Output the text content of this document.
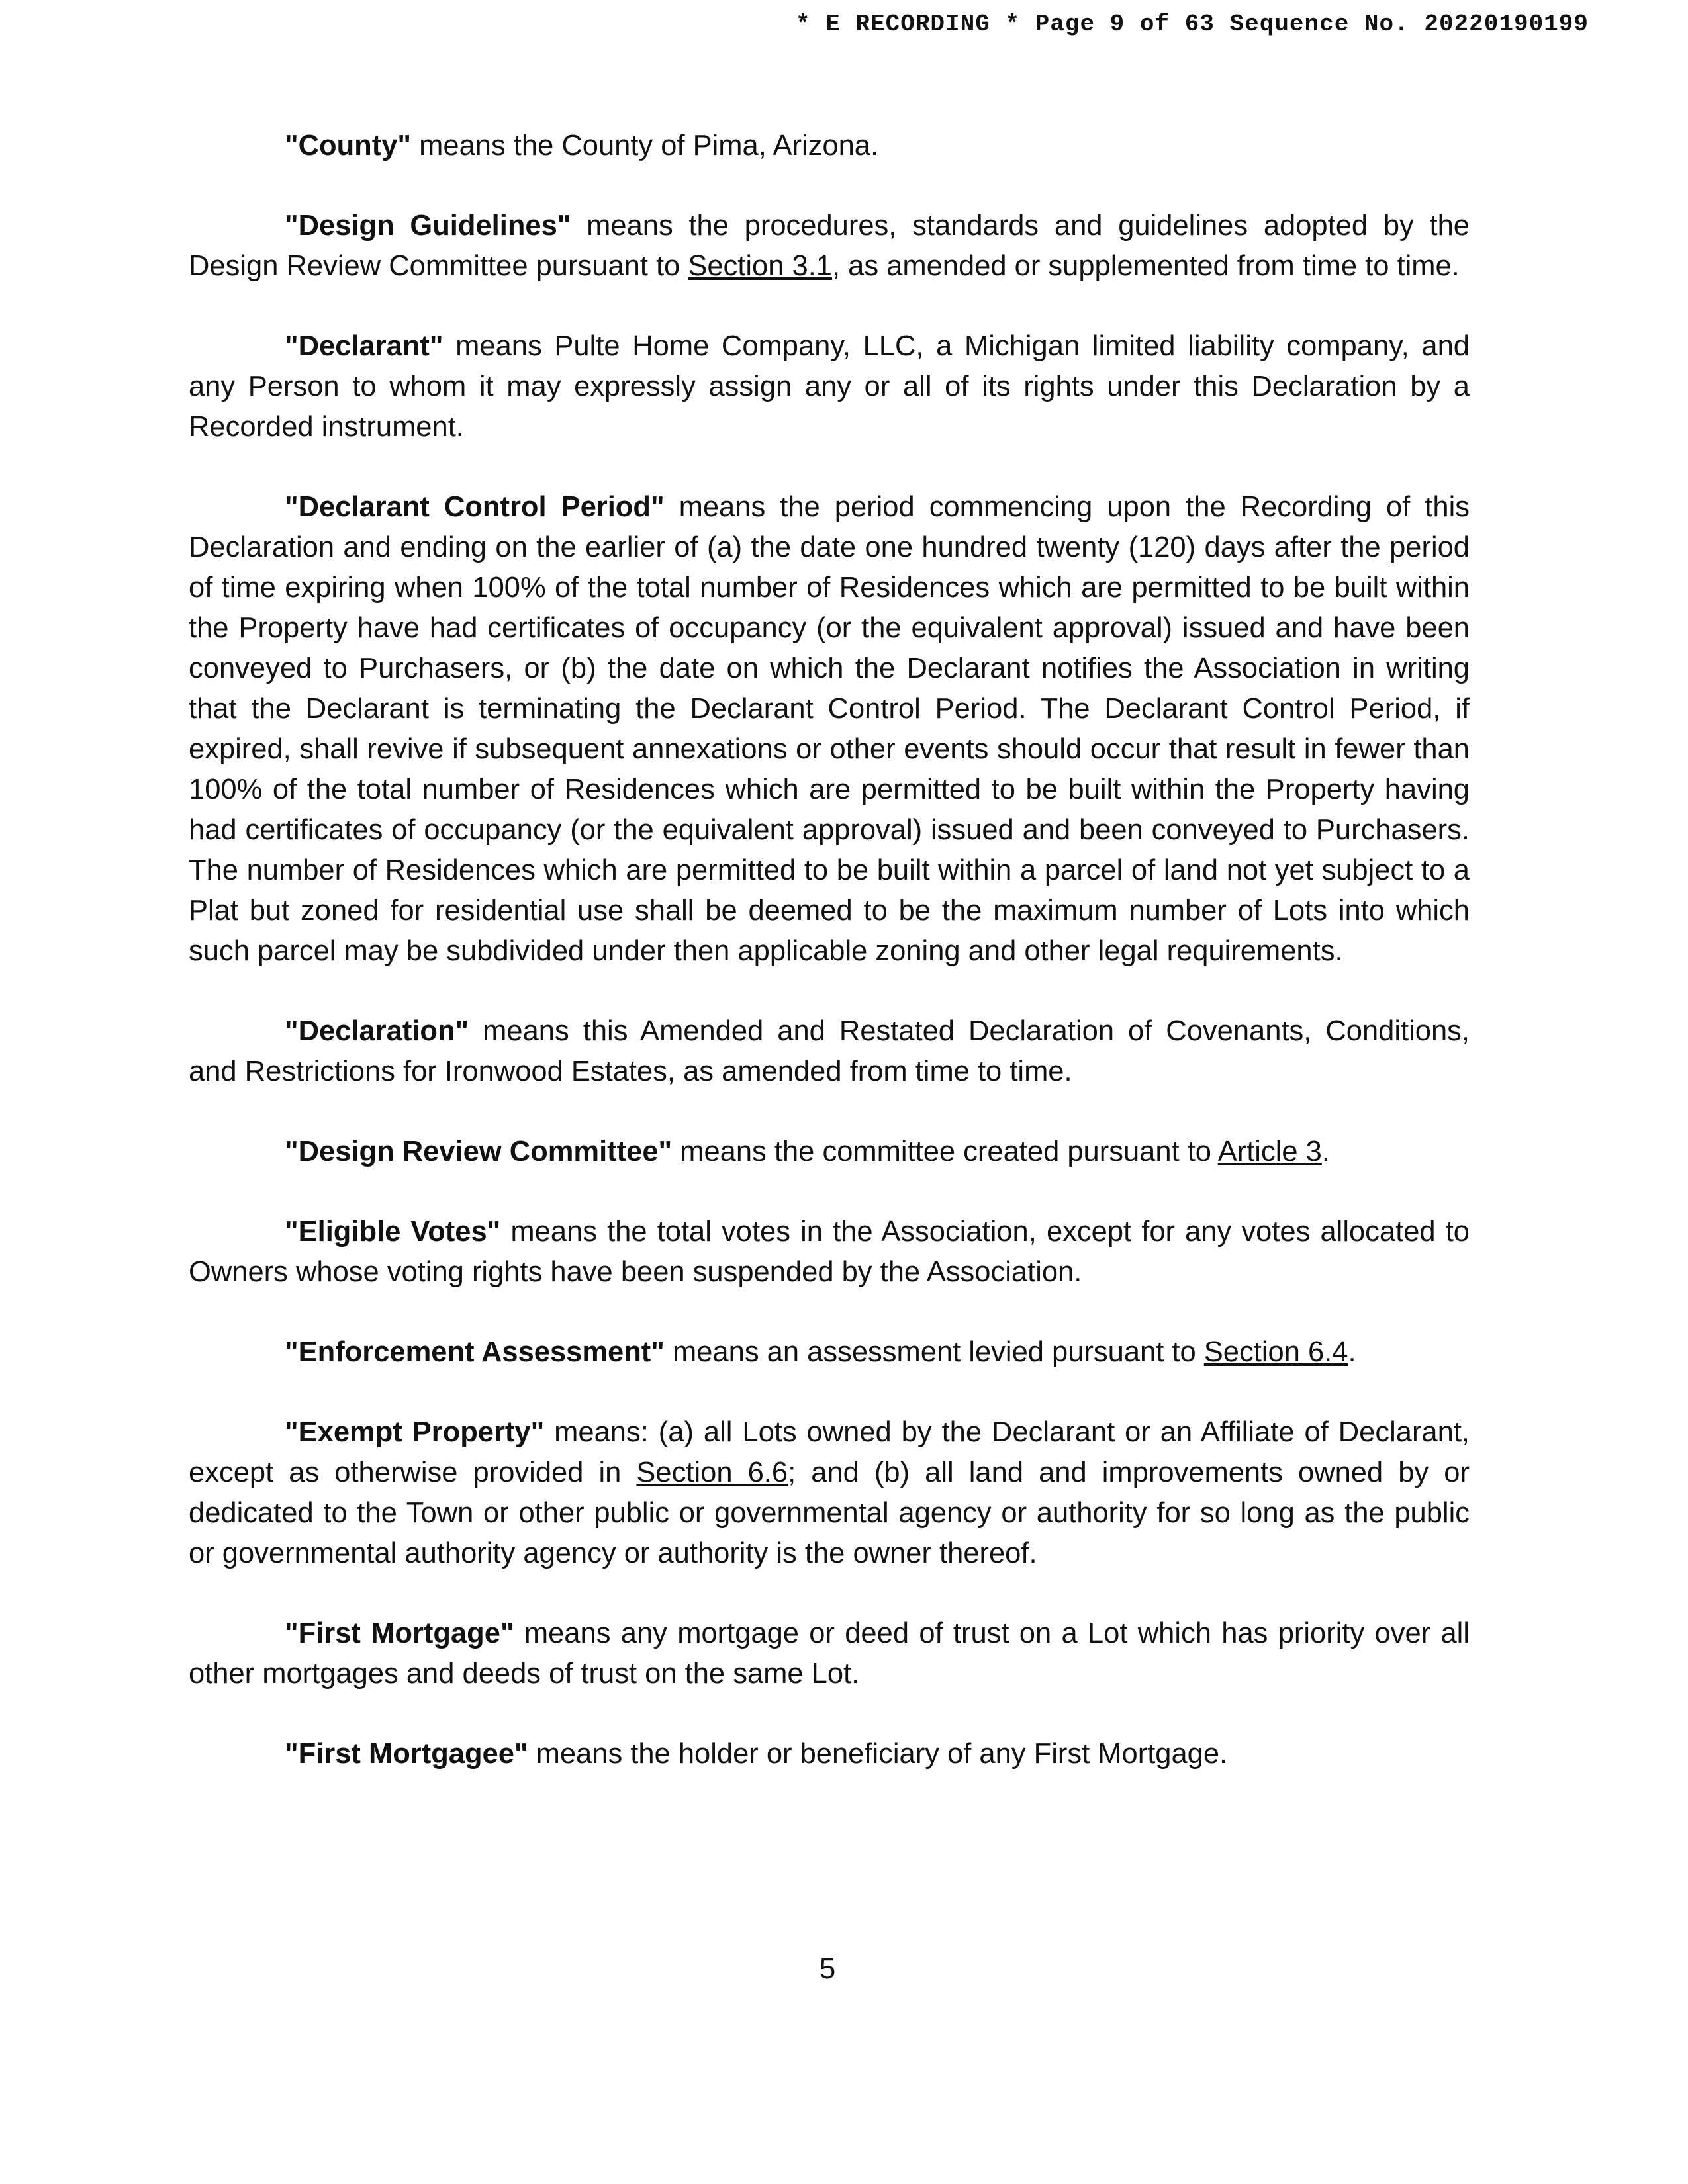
* E RECORDING * Page 9 of 63 Sequence No. 20220190199

"County" means the County of Pima, Arizona.

"Design Guidelines" means the procedures, standards and guidelines adopted by the Design Review Committee pursuant to Section 3.1, as amended or supplemented from time to time.

"Declarant" means Pulte Home Company, LLC, a Michigan limited liability company, and any Person to whom it may expressly assign any or all of its rights under this Declaration by a Recorded instrument.

"Declarant Control Period" means the period commencing upon the Recording of this Declaration and ending on the earlier of (a) the date one hundred twenty (120) days after the period of time expiring when 100% of the total number of Residences which are permitted to be built within the Property have had certificates of occupancy (or the equivalent approval) issued and have been conveyed to Purchasers, or (b) the date on which the Declarant notifies the Association in writing that the Declarant is terminating the Declarant Control Period. The Declarant Control Period, if expired, shall revive if subsequent annexations or other events should occur that result in fewer than 100% of the total number of Residences which are permitted to be built within the Property having had certificates of occupancy (or the equivalent approval) issued and been conveyed to Purchasers. The number of Residences which are permitted to be built within a parcel of land not yet subject to a Plat but zoned for residential use shall be deemed to be the maximum number of Lots into which such parcel may be subdivided under then applicable zoning and other legal requirements.

"Declaration" means this Amended and Restated Declaration of Covenants, Conditions, and Restrictions for Ironwood Estates, as amended from time to time.

"Design Review Committee" means the committee created pursuant to Article 3.

"Eligible Votes" means the total votes in the Association, except for any votes allocated to Owners whose voting rights have been suspended by the Association.

"Enforcement Assessment" means an assessment levied pursuant to Section 6.4.

"Exempt Property" means: (a) all Lots owned by the Declarant or an Affiliate of Declarant, except as otherwise provided in Section 6.6; and (b) all land and improvements owned by or dedicated to the Town or other public or governmental agency or authority for so long as the public or governmental authority agency or authority is the owner thereof.

"First Mortgage" means any mortgage or deed of trust on a Lot which has priority over all other mortgages and deeds of trust on the same Lot.

"First Mortgagee" means the holder or beneficiary of any First Mortgage.

5
